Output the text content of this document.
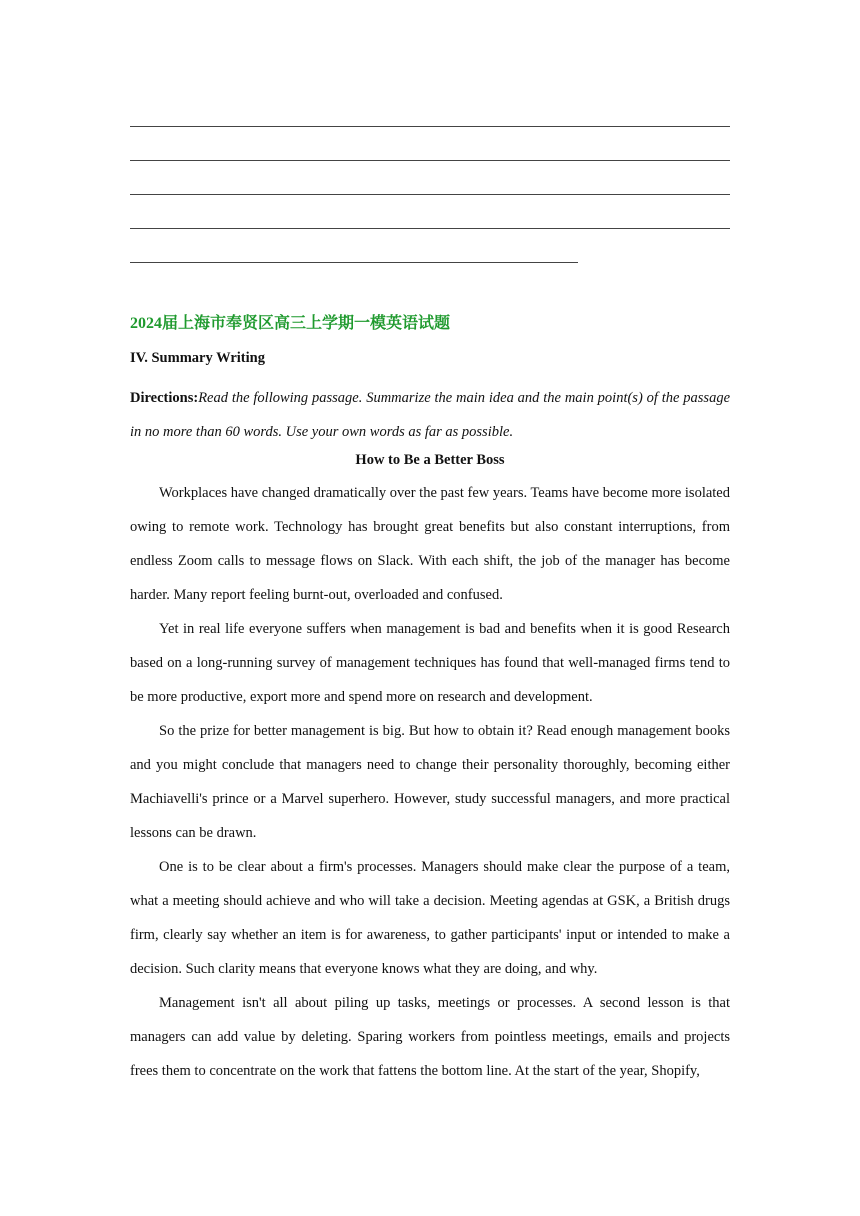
2024届上海市奉贤区高三上学期一模英语试题
IV. Summary Writing
Directions:Read the following passage. Summarize the main idea and the main point(s) of the passage in no more than 60 words. Use your own words as far as possible.
How to Be a Better Boss

Workplaces have changed dramatically over the past few years. Teams have become more isolated owing to remote work. Technology has brought great benefits but also constant interruptions, from endless Zoom calls to message flows on Slack. With each shift, the job of the manager has become harder. Many report feeling burnt-out, overloaded and confused.

Yet in real life everyone suffers when management is bad and benefits when it is good Research based on a long-running survey of management techniques has found that well-managed firms tend to be more productive, export more and spend more on research and development.

So the prize for better management is big. But how to obtain it? Read enough management books and you might conclude that managers need to change their personality thoroughly, becoming either Machiavelli's prince or a Marvel superhero. However, study successful managers, and more practical lessons can be drawn.

One is to be clear about a firm's processes. Managers should make clear the purpose of a team, what a meeting should achieve and who will take a decision. Meeting agendas at GSK, a British drugs firm, clearly say whether an item is for awareness, to gather participants' input or intended to make a decision. Such clarity means that everyone knows what they are doing, and why.

Management isn't all about piling up tasks, meetings or processes. A second lesson is that managers can add value by deleting. Sparing workers from pointless meetings, emails and projects frees them to concentrate on the work that fattens the bottom line. At the start of the year, Shopify,
